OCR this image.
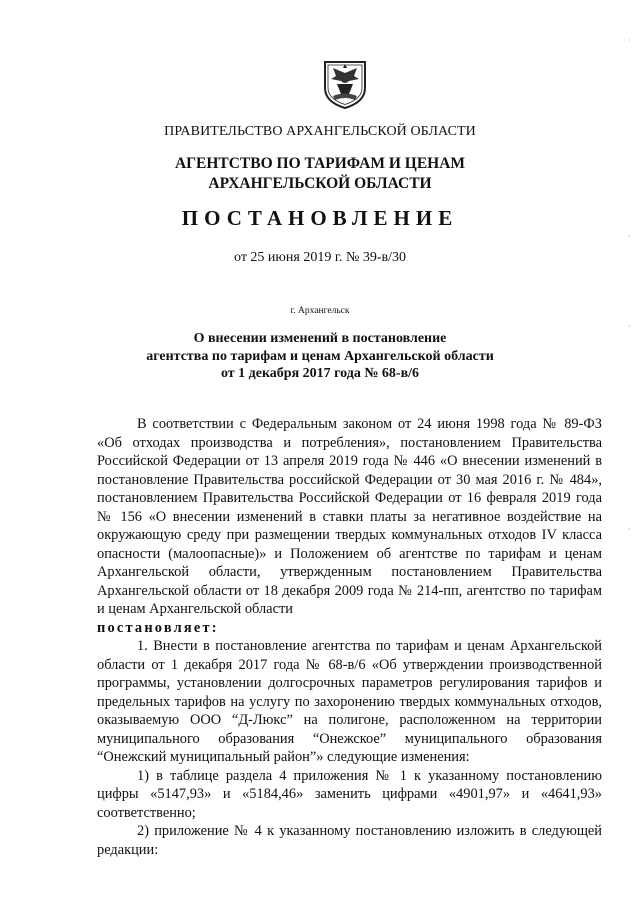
ПРАВИТЕЛЬСТВО АРХАНГЕЛЬСКОЙ ОБЛАСТИ
АГЕНТСТВО ПО ТАРИФАМ И ЦЕНАМ
АРХАНГЕЛЬСКОЙ ОБЛАСТИ
ПОСТАНОВЛЕНИЕ
от 25 июня 2019 г. № 39-в/30
г. Архангельск
О внесении изменений в постановление
агентства по тарифам и ценам Архангельской области
от 1 декабря 2017 года № 68-в/6

В соответствии с Федеральным законом от 24 июня 1998 года № 89-ФЗ «Об отходах производства и потребления», постановлением Правительства Российской Федерации от 13 апреля 2019 года № 446 «О внесении изменений в постановление Правительства российской Федерации от 30 мая 2016 г. № 484», постановлением Правительства Российской Федерации от 16 февраля 2019 года № 156 «О внесении изменений в ставки платы за негативное воздействие на окружающую среду при размещении твердых коммунальных отходов IV класса опасности (малоопасные)» и Положением об агентстве по тарифам и ценам Архангельской области, утвержденным постановлением Правительства Архангельской области от 18 декабря 2009 года № 214-пп, агентство по тарифам и ценам Архангельской области

постановляет:

1. Внести в постановление агентства по тарифам и ценам Архангельской области от 1 декабря 2017 года № 68-в/6 «Об утверждении производственной программы, установлении долгосрочных параметров регулирования тарифов и предельных тарифов на услугу по захоронению твердых коммунальных отходов, оказываемую ООО “Д-Люкс” на полигоне, расположенном на территории муниципального образования “Онежское” муниципального образования “Онежский муниципальный район”» следующие изменения:

1) в таблице раздела 4 приложения № 1 к указанному постановлению цифры «5147,93» и «5184,46» заменить цифрами «4901,97» и «4641,93» соответственно;

2) приложение № 4 к указанному постановлению изложить в следующей редакции:

·
·
·
·
